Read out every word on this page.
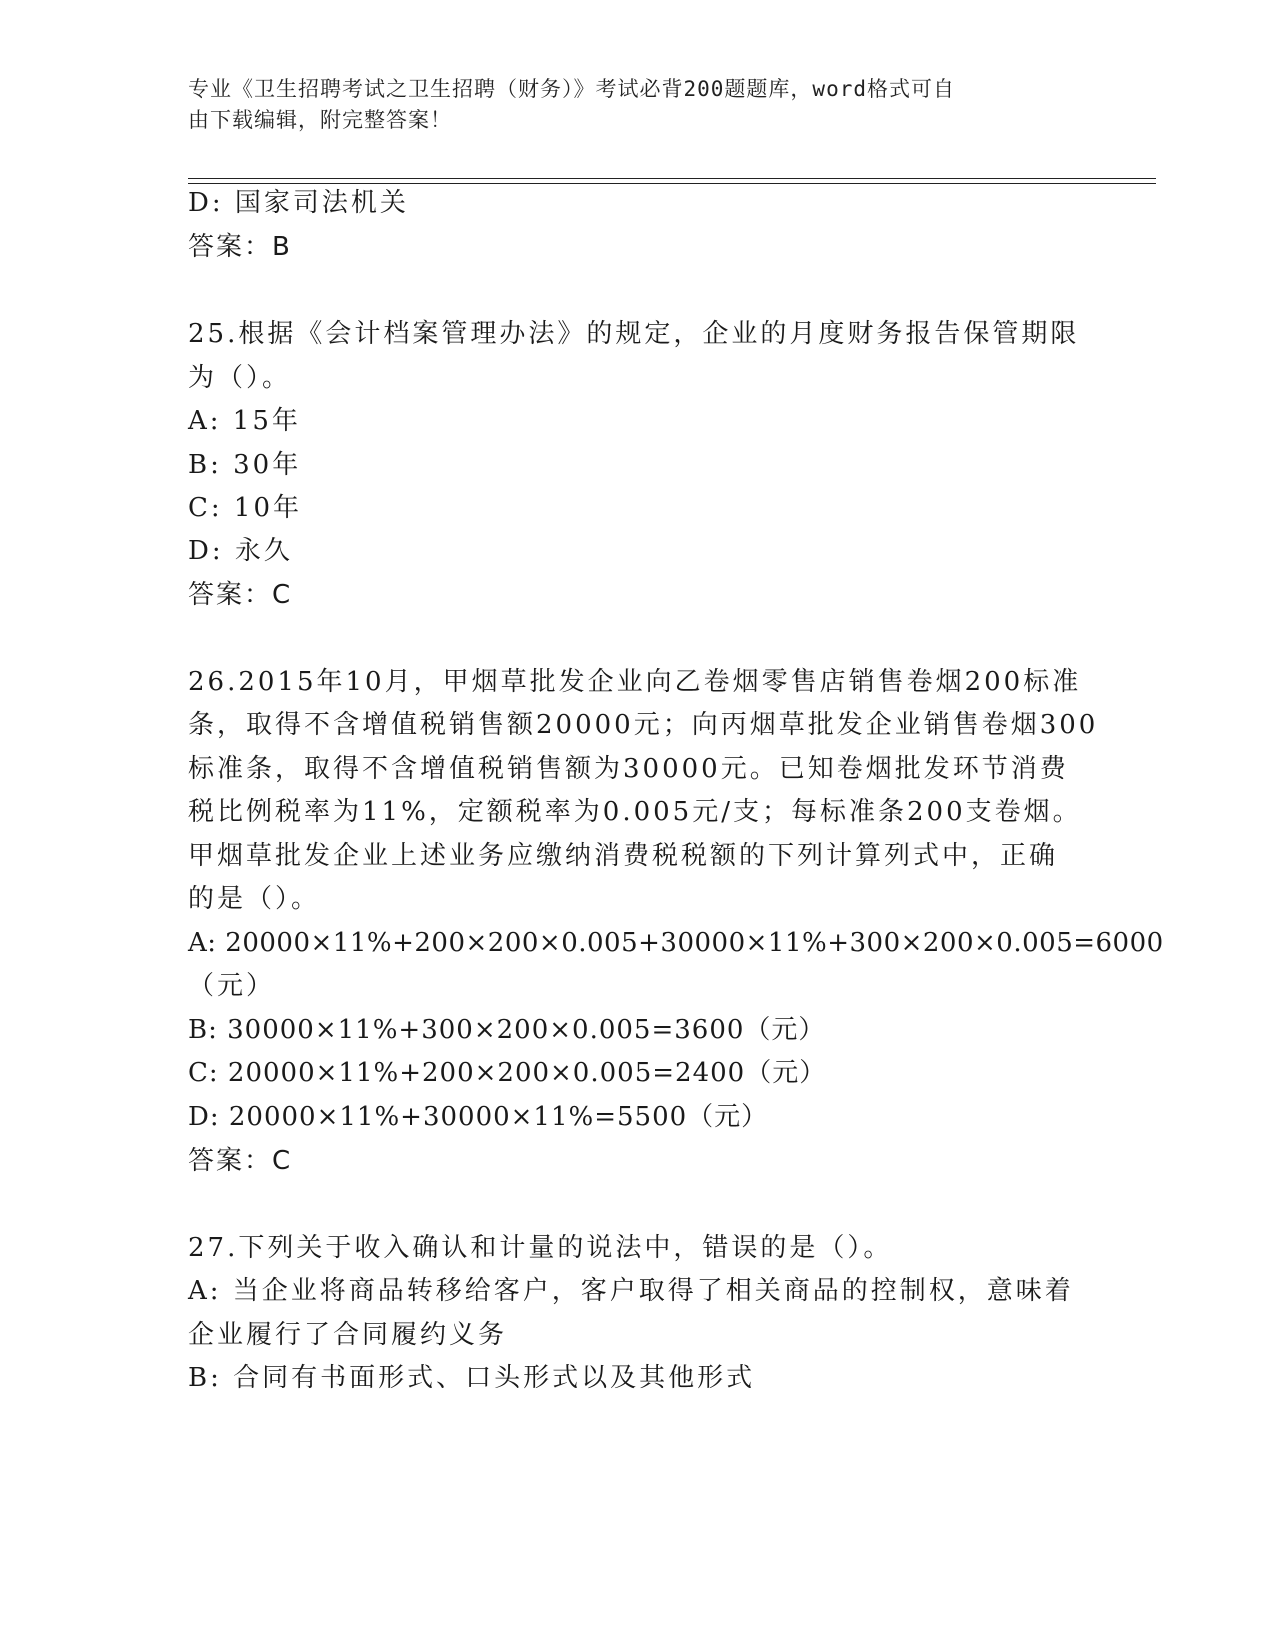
专业《卫生招聘考试之卫生招聘（财务）》考试必背200题题库，word格式可自
由下载编辑，附完整答案！
D: 国家司法机关
答案：B
25.根据《会计档案管理办法》的规定，企业的月度财务报告保管期限
为（）。
A: 15年
B: 30年
C: 10年
D: 永久
答案：C
26.2015年10月，甲烟草批发企业向乙卷烟零售店销售卷烟200标准
条，取得不含增值税销售额20000元；向丙烟草批发企业销售卷烟300
标准条，取得不含增值税销售额为30000元。已知卷烟批发环节消费
税比例税率为11%，定额税率为0.005元/支；每标准条200支卷烟。
甲烟草批发企业上述业务应缴纳消费税税额的下列计算列式中，正确
的是（）。
A: 20000×11%+200×200×0.005+30000×11%+300×200×0.005=6000
（元）
B: 30000×11%+300×200×0.005=3600（元）
C: 20000×11%+200×200×0.005=2400（元）
D: 20000×11%+30000×11%=5500（元）
答案：C
27.下列关于收入确认和计量的说法中，错误的是（）。
A: 当企业将商品转移给客户，客户取得了相关商品的控制权，意味着
企业履行了合同履约义务
B: 合同有书面形式、口头形式以及其他形式
